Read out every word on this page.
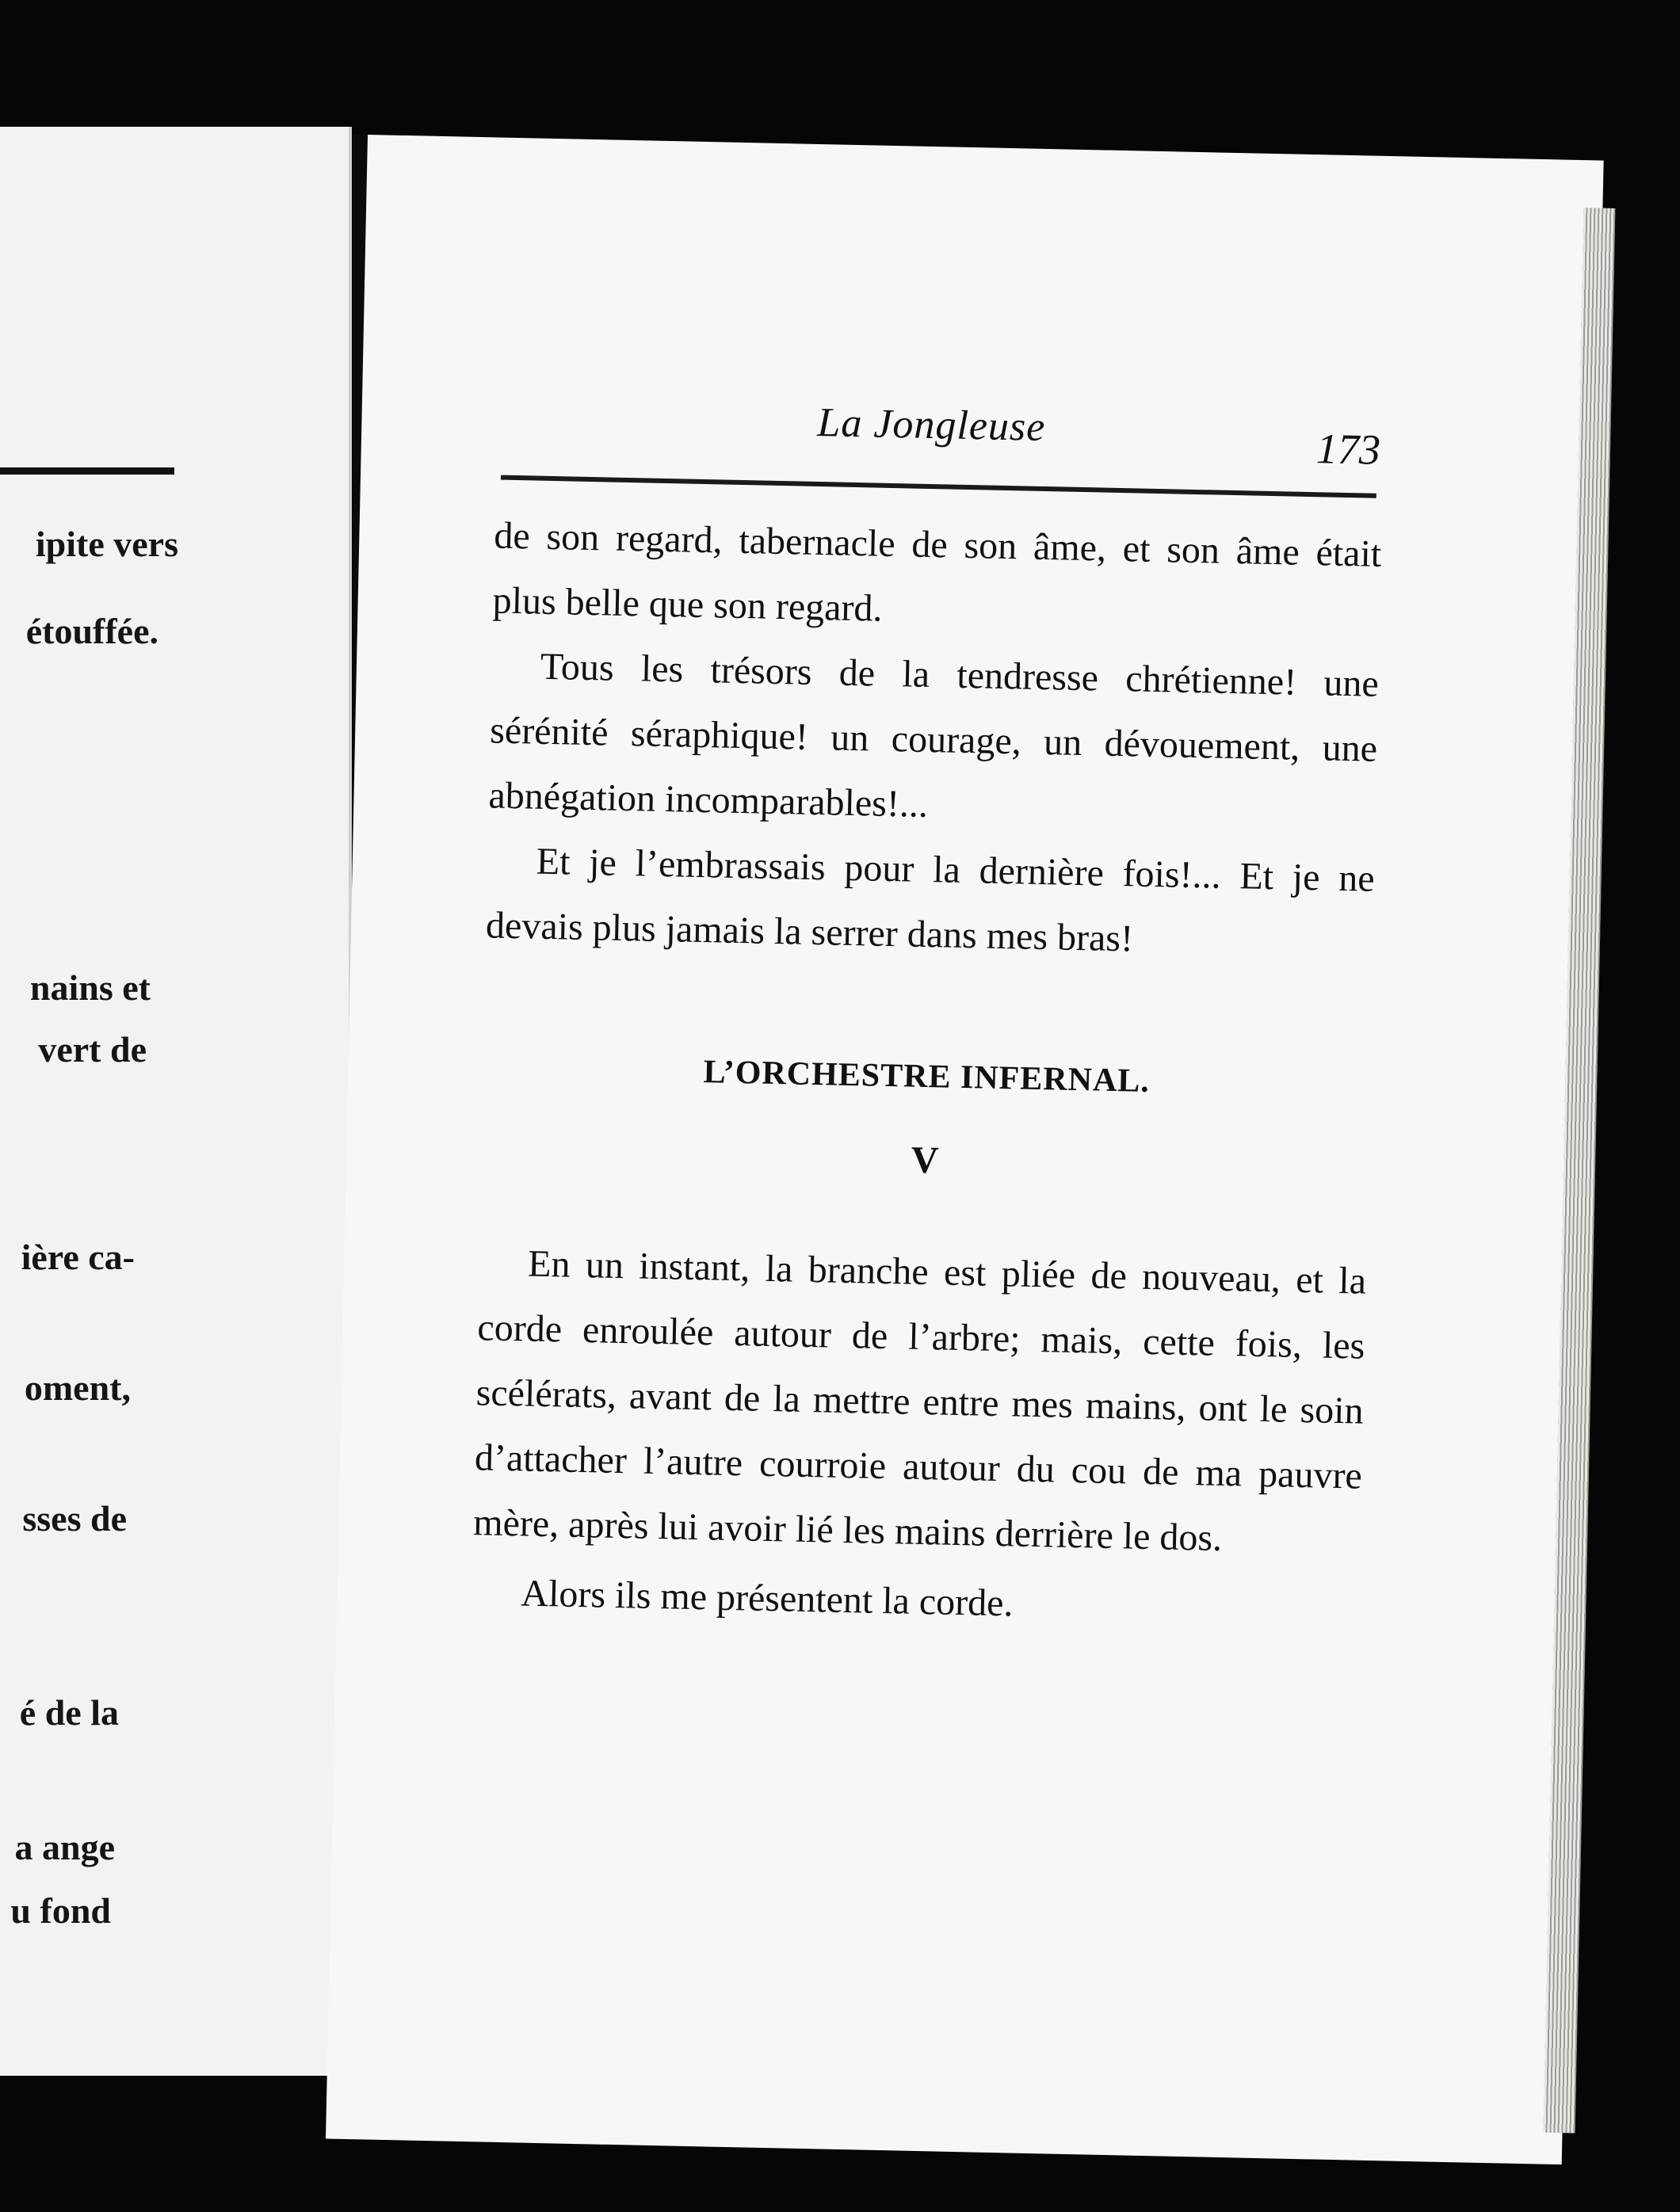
ipite vers
étouffée.
nains et
vert de
ière ca-
oment,
sses de
é de la
a ange
u fond
La Jongleuse	173

de son regard, tabernacle de son âme, et son âme était plus belle que son regard.

Tous les trésors de la tendresse chrétienne! une sérénité séraphique! un courage, un dévouement, une abnégation incomparables!...

Et je l’embrassais pour la dernière fois!... Et je ne devais plus jamais la serrer dans mes bras!

L’ORCHESTRE INFERNAL.
V

En un instant, la branche est pliée de nouveau, et la corde enroulée autour de l’arbre; mais, cette fois, les scélérats, avant de la mettre entre mes mains, ont le soin d’attacher l’autre courroie autour du cou de ma pauvre mère, après lui avoir lié les mains derrière le dos.

Alors ils me présentent la corde.
